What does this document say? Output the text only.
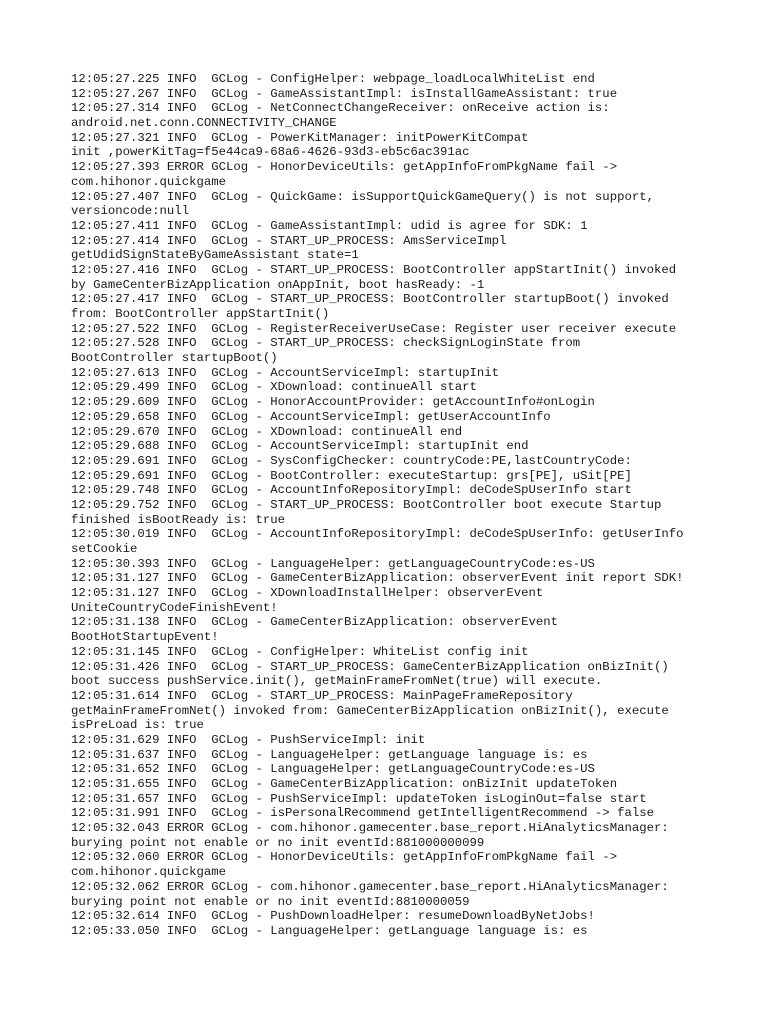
12:05:27.225 INFO  GCLog - ConfigHelper: webpage_loadLocalWhiteList end
12:05:27.267 INFO  GCLog - GameAssistantImpl: isInstallGameAssistant: true
12:05:27.314 INFO  GCLog - NetConnectChangeReceiver: onReceive action is:
android.net.conn.CONNECTIVITY_CHANGE
12:05:27.321 INFO  GCLog - PowerKitManager: initPowerKitCompat
init ,powerKitTag=f5e44ca9-68a6-4626-93d3-eb5c6ac391ac
12:05:27.393 ERROR GCLog - HonorDeviceUtils: getAppInfoFromPkgName fail ->
com.hihonor.quickgame
12:05:27.407 INFO  GCLog - QuickGame: isSupportQuickGameQuery() is not support,
versioncode:null
12:05:27.411 INFO  GCLog - GameAssistantImpl: udid is agree for SDK: 1
12:05:27.414 INFO  GCLog - START_UP_PROCESS: AmsServiceImpl
getUdidSignStateByGameAssistant state=1
12:05:27.416 INFO  GCLog - START_UP_PROCESS: BootController appStartInit() invoked
by GameCenterBizApplication onAppInit, boot hasReady: -1
12:05:27.417 INFO  GCLog - START_UP_PROCESS: BootController startupBoot() invoked
from: BootController appStartInit()
12:05:27.522 INFO  GCLog - RegisterReceiverUseCase: Register user receiver execute
12:05:27.528 INFO  GCLog - START_UP_PROCESS: checkSignLoginState from
BootController startupBoot()
12:05:27.613 INFO  GCLog - AccountServiceImpl: startupInit
12:05:29.499 INFO  GCLog - XDownload: continueAll start
12:05:29.609 INFO  GCLog - HonorAccountProvider: getAccountInfo#onLogin
12:05:29.658 INFO  GCLog - AccountServiceImpl: getUserAccountInfo
12:05:29.670 INFO  GCLog - XDownload: continueAll end
12:05:29.688 INFO  GCLog - AccountServiceImpl: startupInit end
12:05:29.691 INFO  GCLog - SysConfigChecker: countryCode:PE,lastCountryCode:
12:05:29.691 INFO  GCLog - BootController: executeStartup: grs[PE], uSit[PE]
12:05:29.748 INFO  GCLog - AccountInfoRepositoryImpl: deCodeSpUserInfo start
12:05:29.752 INFO  GCLog - START_UP_PROCESS: BootController boot execute Startup
finished isBootReady is: true
12:05:30.019 INFO  GCLog - AccountInfoRepositoryImpl: deCodeSpUserInfo: getUserInfo
setCookie
12:05:30.393 INFO  GCLog - LanguageHelper: getLanguageCountryCode:es-US
12:05:31.127 INFO  GCLog - GameCenterBizApplication: observerEvent init report SDK!
12:05:31.127 INFO  GCLog - XDownloadInstallHelper: observerEvent
UniteCountryCodeFinishEvent!
12:05:31.138 INFO  GCLog - GameCenterBizApplication: observerEvent
BootHotStartupEvent!
12:05:31.145 INFO  GCLog - ConfigHelper: WhiteList config init
12:05:31.426 INFO  GCLog - START_UP_PROCESS: GameCenterBizApplication onBizInit()
boot success pushService.init(), getMainFrameFromNet(true) will execute.
12:05:31.614 INFO  GCLog - START_UP_PROCESS: MainPageFrameRepository
getMainFrameFromNet() invoked from: GameCenterBizApplication onBizInit(), execute
isPreLoad is: true
12:05:31.629 INFO  GCLog - PushServiceImpl: init
12:05:31.637 INFO  GCLog - LanguageHelper: getLanguage language is: es
12:05:31.652 INFO  GCLog - LanguageHelper: getLanguageCountryCode:es-US
12:05:31.655 INFO  GCLog - GameCenterBizApplication: onBizInit updateToken
12:05:31.657 INFO  GCLog - PushServiceImpl: updateToken isLoginOut=false start
12:05:31.991 INFO  GCLog - isPersonalRecommend getIntelligentRecommend -> false
12:05:32.043 ERROR GCLog - com.hihonor.gamecenter.base_report.HiAnalyticsManager:
burying point not enable or no init eventId:881000000099
12:05:32.060 ERROR GCLog - HonorDeviceUtils: getAppInfoFromPkgName fail ->
com.hihonor.quickgame
12:05:32.062 ERROR GCLog - com.hihonor.gamecenter.base_report.HiAnalyticsManager:
burying point not enable or no init eventId:8810000059
12:05:32.614 INFO  GCLog - PushDownloadHelper: resumeDownloadByNetJobs!
12:05:33.050 INFO  GCLog - LanguageHelper: getLanguage language is: es
